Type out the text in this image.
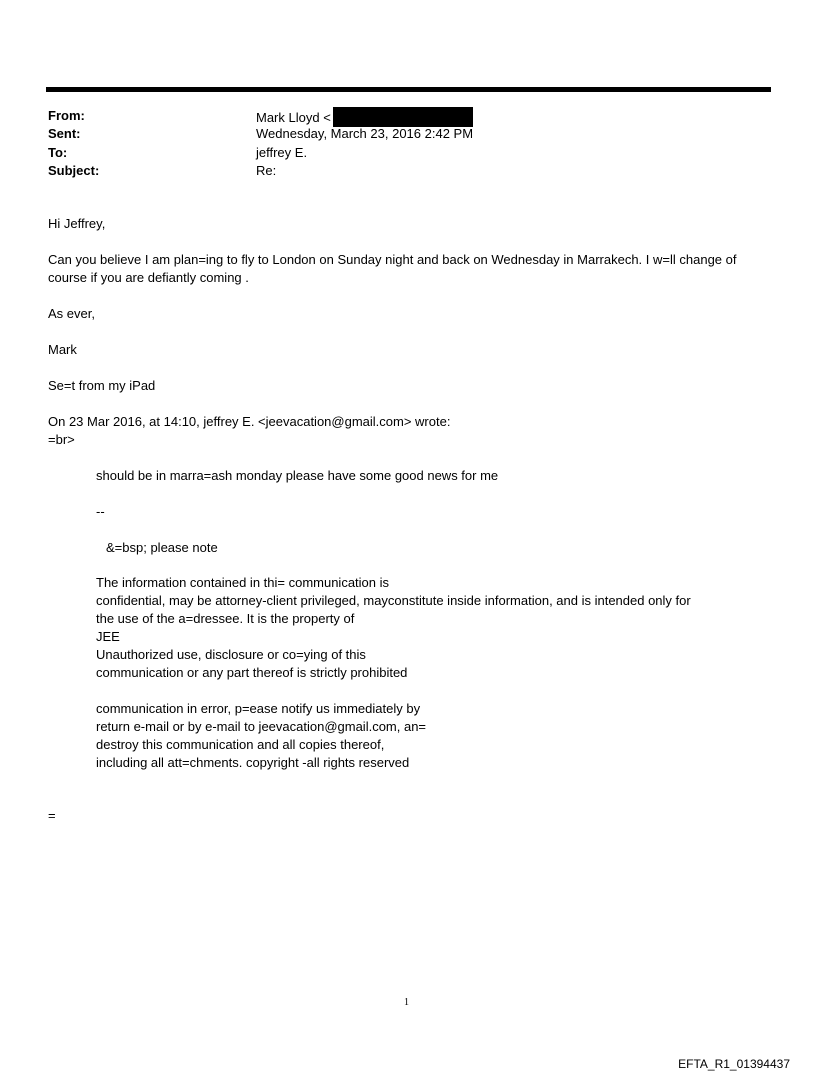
From:	Mark Lloyd <
Sent:	Wednesday, March 23, 2016 2:42 PM
To:	jeffrey E.
Subject:	Re:
Hi Jeffrey,
Can you believe I am plan=ing to fly to London on Sunday night and back on Wednesday in Marrakech. I w=ll change of
course if you are defiantly coming .
As ever,
Mark
Se=t from my iPad
On 23 Mar 2016, at 14:10, jeffrey E. <jeevacation@gmail.com> wrote:
=br>
should be in marra=ash monday please have some good news for me
--
&=bsp; please note
The information contained in thi= communication is
confidential, may be attorney-client privileged, mayconstitute inside information, and is intended only for
the use of the a=dressee. It is the property of
JEE
Unauthorized use, disclosure or co=ying of this
communication or any part thereof is strictly prohibited
communication in error, p=ease notify us immediately by
return e-mail or by e-mail to jeevacation@gmail.com, an=
destroy this communication and all copies thereof,
including all att=chments. copyright -all rights reserved
=
1
EFTA_R1_01394437
